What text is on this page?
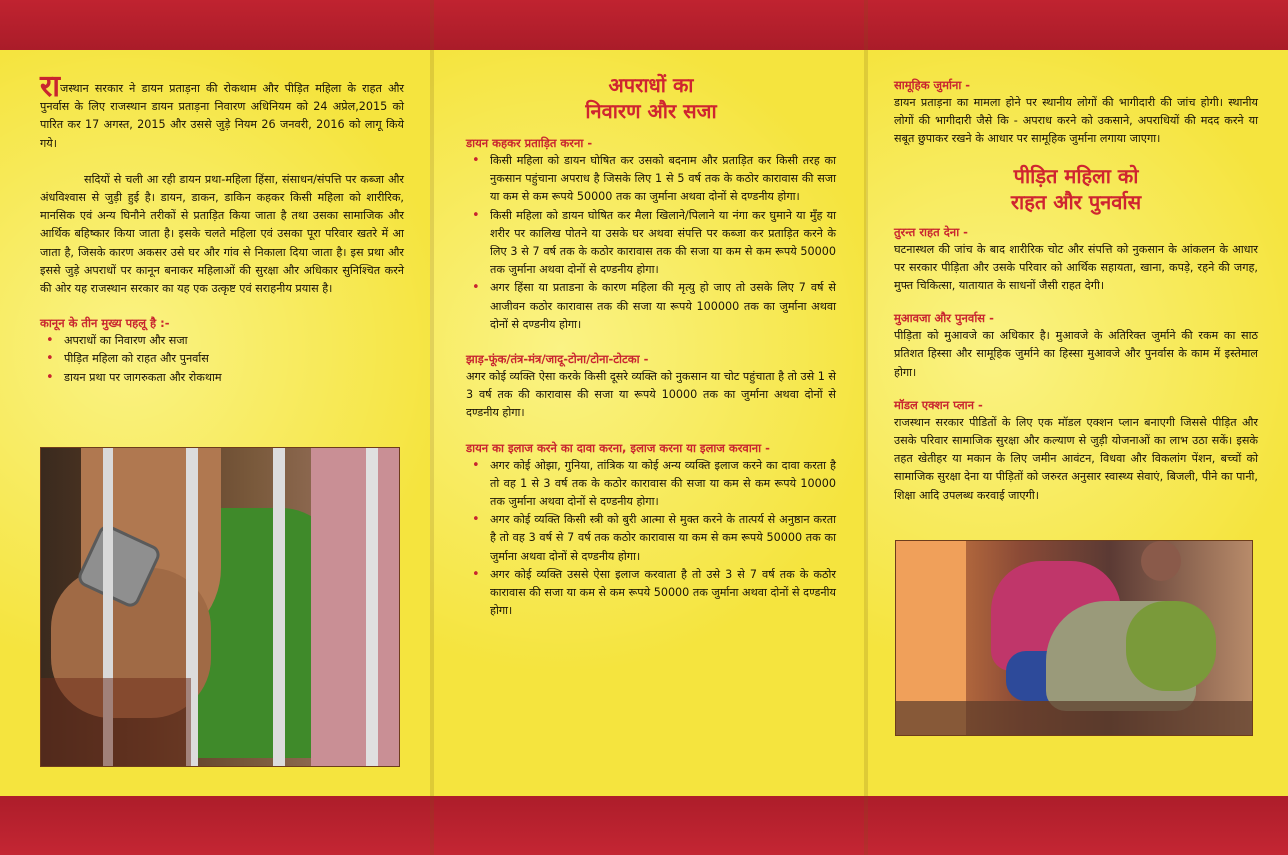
राजस्थान सरकार ने डायन प्रताड़ना की रोकथाम और पीड़ित महिला के राहत और पुनर्वास के लिए राजस्थान डायन प्रताड़ना निवारण अधिनियम को 24 अप्रेल,2015 को पारित कर 17 अगस्त, 2015 और उससे जुड़े नियम 26 जनवरी, 2016 को लागू किये गये।

सदियों से चली आ रही डायन प्रथा-महिला हिंसा, संसाधन/संपत्ति पर कब्जा और अंधविश्वास से जुड़ी हुई है। डायन, डाकन, डाकिन कहकर किसी महिला को शारीरिक, मानसिक एवं अन्य घिनौने तरीकों से प्रताड़ित किया जाता है तथा उसका सामाजिक और आर्थिक बहिष्कार किया जाता है। इसके चलते महिला एवं उसका पूरा परिवार खतरे में आ जाता है, जिसके कारण अकसर उसे घर और गांव से निकाला दिया जाता है। इस प्रथा और इससे जुड़े अपराधों पर कानून बनाकर महिलाओं की सुरक्षा और अधिकार सुनिश्चित करने की ओर यह राजस्थान सरकार का यह एक उत्कृष्ट एवं सराहनीय प्रयास है।

कानून के तीन मुख्य पहलू है :-
• अपराधों का निवारण और सजा
• पीड़ित महिला को राहत और पुनर्वास
• डायन प्रथा पर जागरुकता और रोकथाम
अपराधों का
निवारण और सजा
डायन कहकर प्रताड़ित करना -
• किसी महिला को डायन घोषित कर उसको बदनाम और प्रताड़ित कर किसी तरह का नुकसान पहुंचाना अपराध है जिसके लिए 1 से 5 वर्ष तक के कठोर कारावास की सजा या कम से कम रूपये 50000 तक का जुर्माना अथवा दोनों से दण्डनीय होगा।
• किसी महिला को डायन घोषित कर मैला खिलाने/पिलाने या नंगा कर घुमाने या मुँह या शरीर पर कालिख पोतने या उसके घर अथवा संपत्ति पर कब्जा कर प्रताड़ित करने के लिए 3 से 7 वर्ष तक के कठोर कारावास तक की सजा या कम से कम रूपये 50000 तक जुर्माना अथवा दोनों से दण्डनीय होगा।
• अगर हिंसा या प्रताडना के कारण महिला की मृत्यु हो जाए तो उसके लिए 7 वर्ष से आजीवन कठोर कारावास तक की सजा या रूपये 100000 तक का जुर्माना अथवा दोनों से दण्डनीय होगा।
झाड़-फूंक/तंत्र-मंत्र/जादू-टोना/टोना-टोटका -

अगर कोई व्यक्ति ऐसा करके किसी दूसरे व्यक्ति को नुकसान या चोट पहुंचाता है तो उसे 1 से 3 वर्ष तक की कारावास की सजा या रूपये 10000 तक का जुर्माना अथवा दोनों से दण्डनीय होगा।

डायन का इलाज करने का दावा करना, इलाज करना या इलाज करवाना -
• अगर कोई ओझा, गुनिया, तांत्रिक या कोई अन्य व्यक्ति इलाज करने का दावा करता है तो वह 1 से 3 वर्ष तक के कठोर कारावास की सजा या कम से कम रूपये 10000 तक जुर्माना अथवा दोनों से दण्डनीय होगा।
• अगर कोई व्यक्ति किसी स्त्री को बुरी आत्मा से मुक्त करने के तात्पर्य से अनुष्ठान करता है तो वह 3 वर्ष से 7 वर्ष तक कठोर कारावास या कम से कम रूपये 50000 तक का जुर्माना अथवा दोनों से दण्डनीय होगा।
• अगर कोई व्यक्ति उससे ऐसा इलाज करवाता है तो उसे 3 से 7 वर्ष तक के कठोर कारावास की सजा या कम से कम रूपये 50000 तक जुर्माना अथवा दोनों से दण्डनीय होगा।
सामूहिक जुर्माना -

डायन प्रताड़ना का मामला होने पर स्थानीय लोगों की भागीदारी की जांच होगी। स्थानीय लोगों की भागीदारी जैसे कि - अपराध करने को उकसाने, अपराधियों की मदद करने या सबूत छुपाकर रखने के आधार पर सामूहिक जुर्माना लगाया जाएगा।

पीड़ित महिला को
राहत और पुनर्वास
तुरन्त राहत देना -

घटनास्थल की जांच के बाद शारीरिक चोट और संपत्ति को नुकसान के आंकलन के आधार पर सरकार पीड़िता और उसके परिवार को आर्थिक सहायता, खाना, कपड़े, रहने की जगह, मुफ्त चिकित्सा, यातायात के साधनों जैसी राहत देगी।

मुआवजा और पुनर्वास -

पीड़िता को मुआवजे का अधिकार है। मुआवजे के अतिरिक्त जुर्माने की रकम का साठ प्रतिशत हिस्सा और सामूहिक जुर्माने का हिस्सा मुआवजे और पुनर्वास के काम में इस्तेमाल होगा।

मॉडल एक्शन प्लान -

राजस्थान सरकार पीडितों के लिए एक मॉडल एक्शन प्लान बनाएगी जिससे पीड़ित और उसके परिवार सामाजिक सुरक्षा और कल्याण से जुड़ी योजनाओं का लाभ उठा सकें। इसके तहत खेतीहर या मकान के लिए जमीन आवंटन, विधवा और विकलांग पेंशन, बच्चों को सामाजिक सुरक्षा देना या पीड़ितों को जरुरत अनुसार स्वास्थ्य सेवाएं, बिजली, पीने का पानी, शिक्षा आदि उपलब्ध करवाई जाएगी।
